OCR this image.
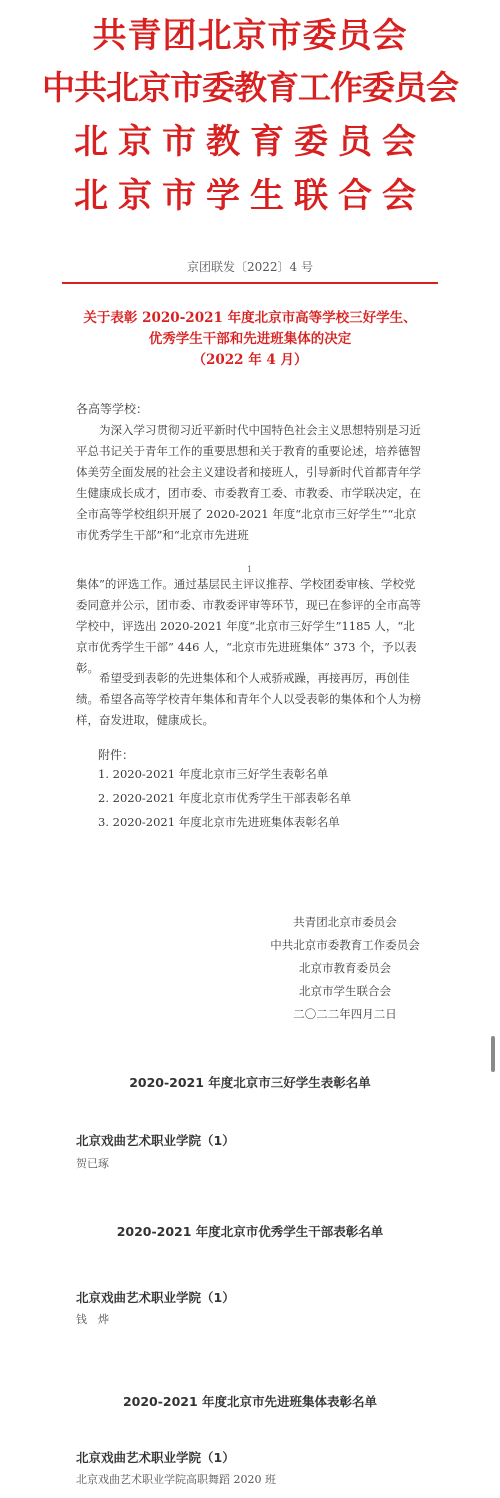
共青团北京市委员会
中共北京市委教育工作委员会
北京市教育委员会
北京市学生联合会
京团联发〔2022〕4 号
关于表彰 2020-2021 年度北京市高等学校三好学生、
优秀学生干部和先进班集体的决定
（2022 年 4 月）
各高等学校：
为深入学习贯彻习近平新时代中国特色社会主义思想特别是习近平总书记关于青年工作的重要思想和关于教育的重要论述，培养德智体美劳全面发展的社会主义建设者和接班人，引导新时代首都青年学生健康成长成才，团市委、市委教育工委、市教委、市学联决定，在全市高等学校组织开展了 2020-2021 年度“北京市三好学生”“北京市优秀学生干部”和“北京市先进班
1
集体”的评选工作。通过基层民主评议推荐、学校团委审核、学校党委同意并公示，团市委、市教委评审等环节，现已在参评的全市高等学校中，评选出 2020-2021 年度“北京市三好学生”1185 人，“北京市优秀学生干部” 446 人，“北京市先进班集体” 373 个，予以表彰。
希望受到表彰的先进集体和个人戒骄戒躁，再接再厉，再创佳绩。希望各高等学校青年集体和青年个人以受表彰的集体和个人为榜样，奋发进取，健康成长。
附件：
1. 2020-2021 年度北京市三好学生表彰名单
2. 2020-2021 年度北京市优秀学生干部表彰名单
3. 2020-2021 年度北京市先进班集体表彰名单
共青团北京市委员会
中共北京市委教育工作委员会
北京市教育委员会
北京市学生联合会
二〇二二年四月二日
2020-2021 年度北京市三好学生表彰名单
北京戏曲艺术职业学院（1）
贺已琢
2020-2021 年度北京市优秀学生干部表彰名单
北京戏曲艺术职业学院（1）
钱　烨
2020-2021 年度北京市先进班集体表彰名单
北京戏曲艺术职业学院（1）
北京戏曲艺术职业学院高职舞蹈 2020 班
